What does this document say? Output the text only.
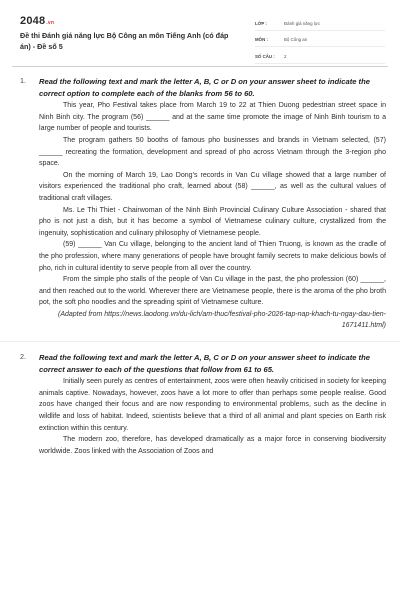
2048.vn
Đề thi Đánh giá năng lực Bộ Công an môn Tiếng Anh (có đáp án) - Đề số 5
LỚP :	Đánh giá năng lực
MÔN :	Bộ Công an
SỐ CÂU :	2
1. Read the following text and mark the letter A, B, C or D on your answer sheet to indicate the correct option to complete each of the blanks from 56 to 60.

This year, Pho Festival takes place from March 19 to 22 at Thien Duong pedestrian street space in Ninh Binh city. The program (56) ______ and at the same time promote the image of Ninh Binh tourism to a large number of people and tourists.

The program gathers 50 booths of famous pho businesses and brands in Vietnam selected, (57) ______ recreating the formation, development and spread of pho across Vietnam through the 3-region pho space.

On the morning of March 19, Lao Dong's records in Van Cu village showed that a large number of visitors experienced the traditional pho craft, learned about (58) ______, as well as the cultural values of traditional craft villages.

Ms. Le Thi Thiet - Chairwoman of the Ninh Binh Provincial Culinary Culture Association - shared that pho is not just a dish, but it has become a symbol of Vietnamese culinary culture, crystallized from the ingenuity, sophistication and culinary philosophy of Vietnamese people.

(59) ______ Van Cu village, belonging to the ancient land of Thien Truong, is known as the cradle of the pho profession, where many generations of people have brought family secrets to make delicious bowls of pho, rich in cultural identity to serve people from all over the country.

From the simple pho stalls of the people of Van Cu village in the past, the pho profession (60) ______, and then reached out to the world. Wherever there are Vietnamese people, there is the aroma of the pho broth pot, the soft pho noodles and the spreading spirit of Vietnamese culture.

(Adapted from https://news.laodong.vn/du-lich/am-thuc/festival-pho-2026-tap-nap-khach-tu-ngay-dau-tien-1671411.html)

2. Read the following text and mark the letter A, B, C or D on your answer sheet to indicate the correct answer to each of the questions that follow from 61 to 65.

Initially seen purely as centres of entertainment, zoos were often heavily criticised in society for keeping animals captive. Nowadays, however, zoos have a lot more to offer than perhaps some people realise. Good zoos have changed their focus and are now responding to environmental problems, such as the decline in wildlife and loss of habitat. Indeed, scientists believe that a third of all animal and plant species on Earth risk extinction within this century.

The modern zoo, therefore, has developed dramatically as a major force in conserving biodiversity worldwide. Zoos linked with the Association of Zoos and
